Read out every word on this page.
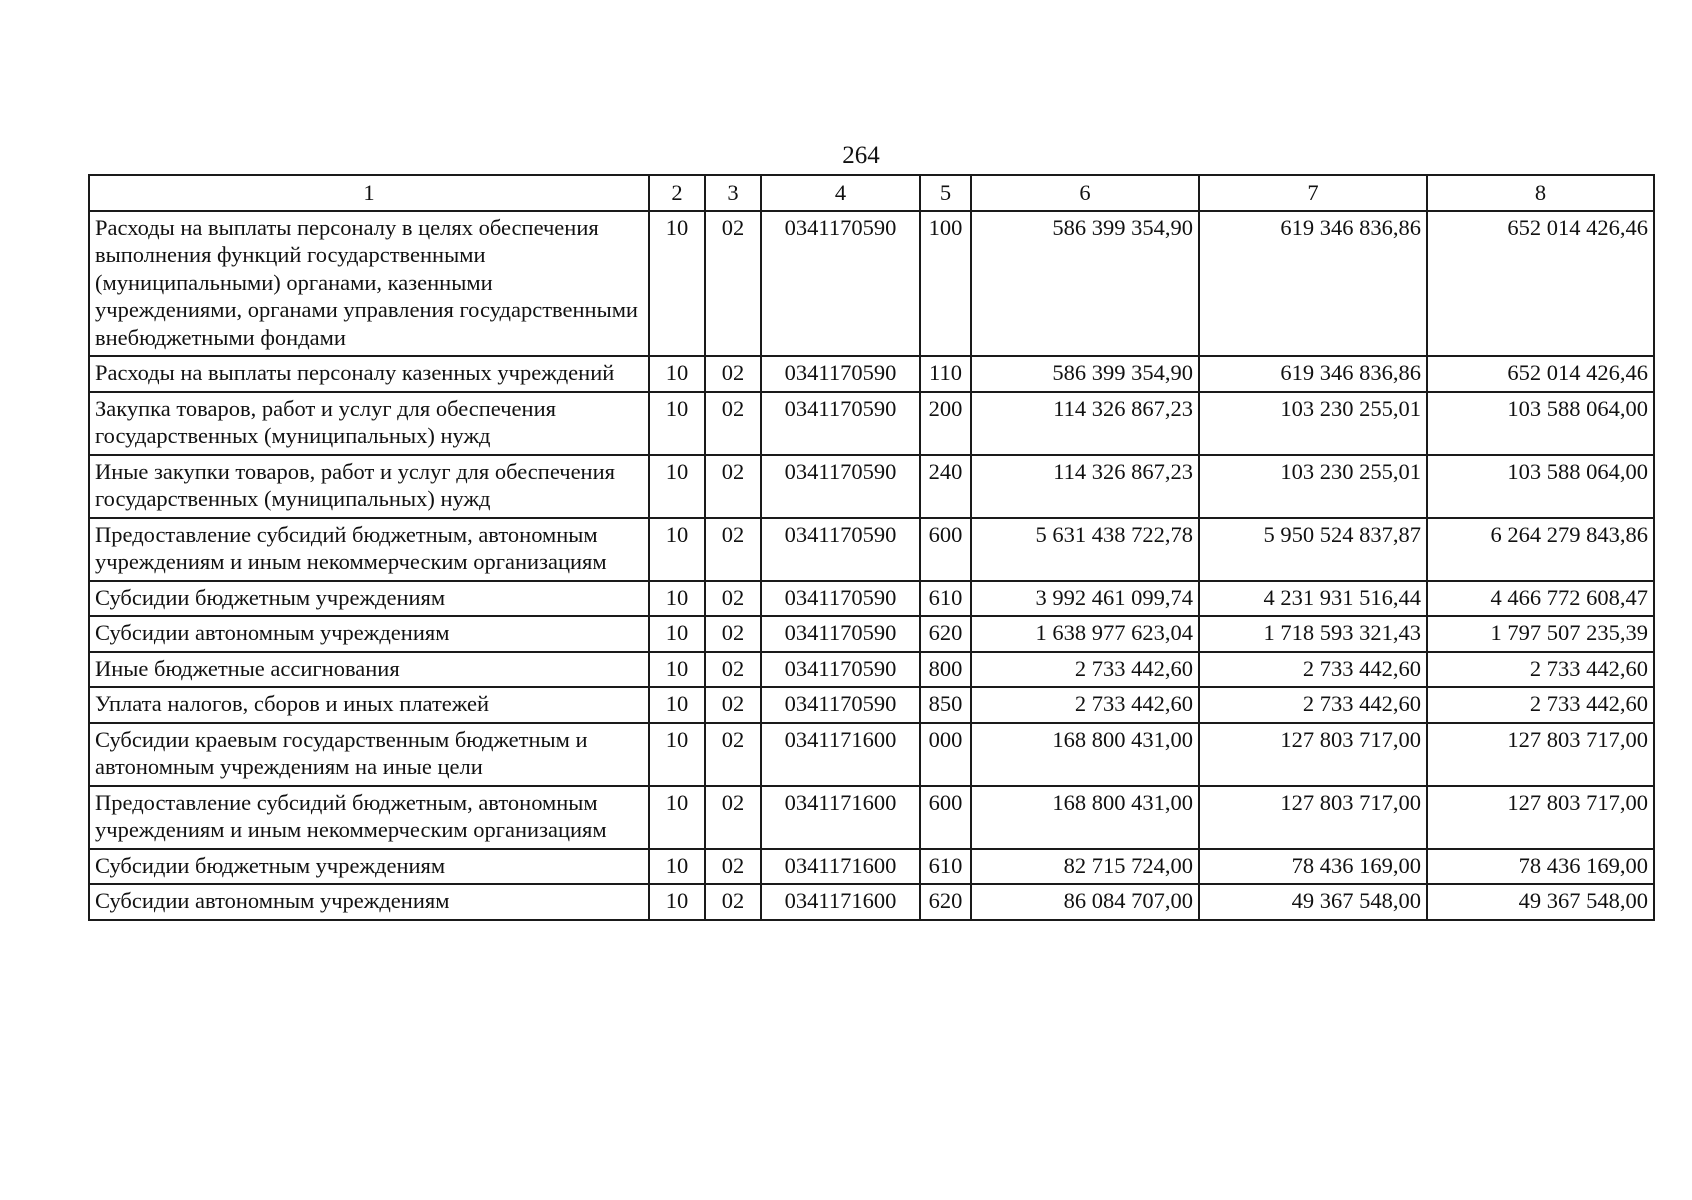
264
1	2	3	4	5	6	7	8
Расходы на выплаты персоналу в целях обеспечения выполнения функций государственными (муниципальными) органами, казенными учреждениями, органами управления государственными внебюджетными фондами	10	02	0341170590	100	586 399 354,90	619 346 836,86	652 014 426,46
Расходы на выплаты персоналу казенных учреждений	10	02	0341170590	110	586 399 354,90	619 346 836,86	652 014 426,46
Закупка товаров, работ и услуг для обеспечения государственных (муниципальных) нужд	10	02	0341170590	200	114 326 867,23	103 230 255,01	103 588 064,00
Иные закупки товаров, работ и услуг для обеспечения государственных (муниципальных) нужд	10	02	0341170590	240	114 326 867,23	103 230 255,01	103 588 064,00
Предоставление субсидий бюджетным, автономным учреждениям и иным некоммерческим организациям	10	02	0341170590	600	5 631 438 722,78	5 950 524 837,87	6 264 279 843,86
Субсидии бюджетным учреждениям	10	02	0341170590	610	3 992 461 099,74	4 231 931 516,44	4 466 772 608,47
Субсидии автономным учреждениям	10	02	0341170590	620	1 638 977 623,04	1 718 593 321,43	1 797 507 235,39
Иные бюджетные ассигнования	10	02	0341170590	800	2 733 442,60	2 733 442,60	2 733 442,60
Уплата налогов, сборов и иных платежей	10	02	0341170590	850	2 733 442,60	2 733 442,60	2 733 442,60
Субсидии краевым государственным бюджетным и автономным учреждениям на иные цели	10	02	0341171600	000	168 800 431,00	127 803 717,00	127 803 717,00
Предоставление субсидий бюджетным, автономным учреждениям и иным некоммерческим организациям	10	02	0341171600	600	168 800 431,00	127 803 717,00	127 803 717,00
Субсидии бюджетным учреждениям	10	02	0341171600	610	82 715 724,00	78 436 169,00	78 436 169,00
Субсидии автономным учреждениям	10	02	0341171600	620	86 084 707,00	49 367 548,00	49 367 548,00
